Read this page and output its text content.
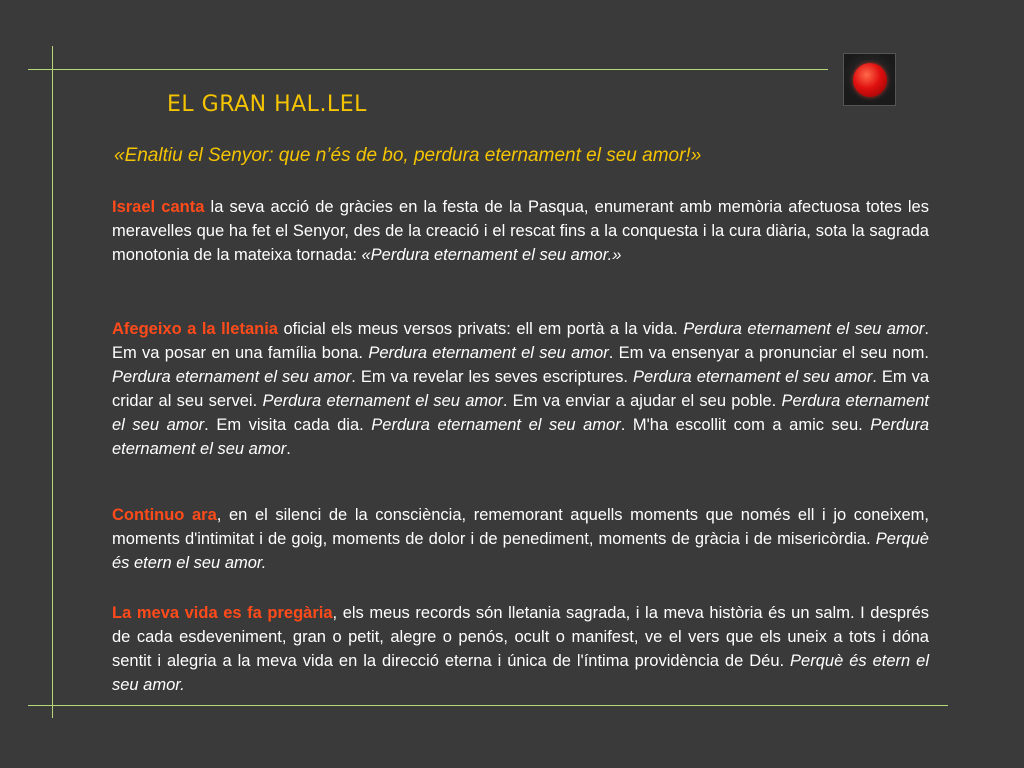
EL GRAN HAL.LEL
«Enaltiu el Senyor: que n’és de bo, perdura eternament el seu amor!»
Israel canta la seva acció de gràcies en la festa de la Pasqua, enumerant amb memòria afectuosa totes les meravelles que ha fet el Senyor, des de la creació i el rescat fins a la conquesta i la cura diària, sota la sagrada monotonia de la mateixa tornada: «Perdura eternament el seu amor.»
Afegeixo a la lletania oficial els meus versos privats: ell em portà a la vida. Perdura eternament el seu amor. Em va posar en una família bona. Perdura eternament el seu amor. Em va ensenyar a pronunciar el seu nom. Perdura eternament el seu amor. Em va revelar les seves escriptures. Perdura eternament el seu amor. Em va cridar al seu servei. Perdura eternament el seu amor. Em va enviar a ajudar el seu poble. Perdura eternament el seu amor. Em visita cada dia. Perdura eternament el seu amor. M'ha escollit com a amic seu. Perdura eternament el seu amor.
Continuo ara, en el silenci de la consciència, rememorant aquells moments que només ell i jo coneixem, moments d'intimitat i de goig, moments de dolor i de penediment, moments de gràcia i de misericòrdia. Perquè és etern el seu amor.
La meva vida es fa pregària, els meus records són lletania sagrada, i la meva història és un salm. I després de cada esdeveniment, gran o petit, alegre o penós, ocult o manifest, ve el vers que els uneix a tots i dóna sentit i alegria a la meva vida en la direcció eterna i única de l'íntima providència de Déu. Perquè és etern el seu amor.
